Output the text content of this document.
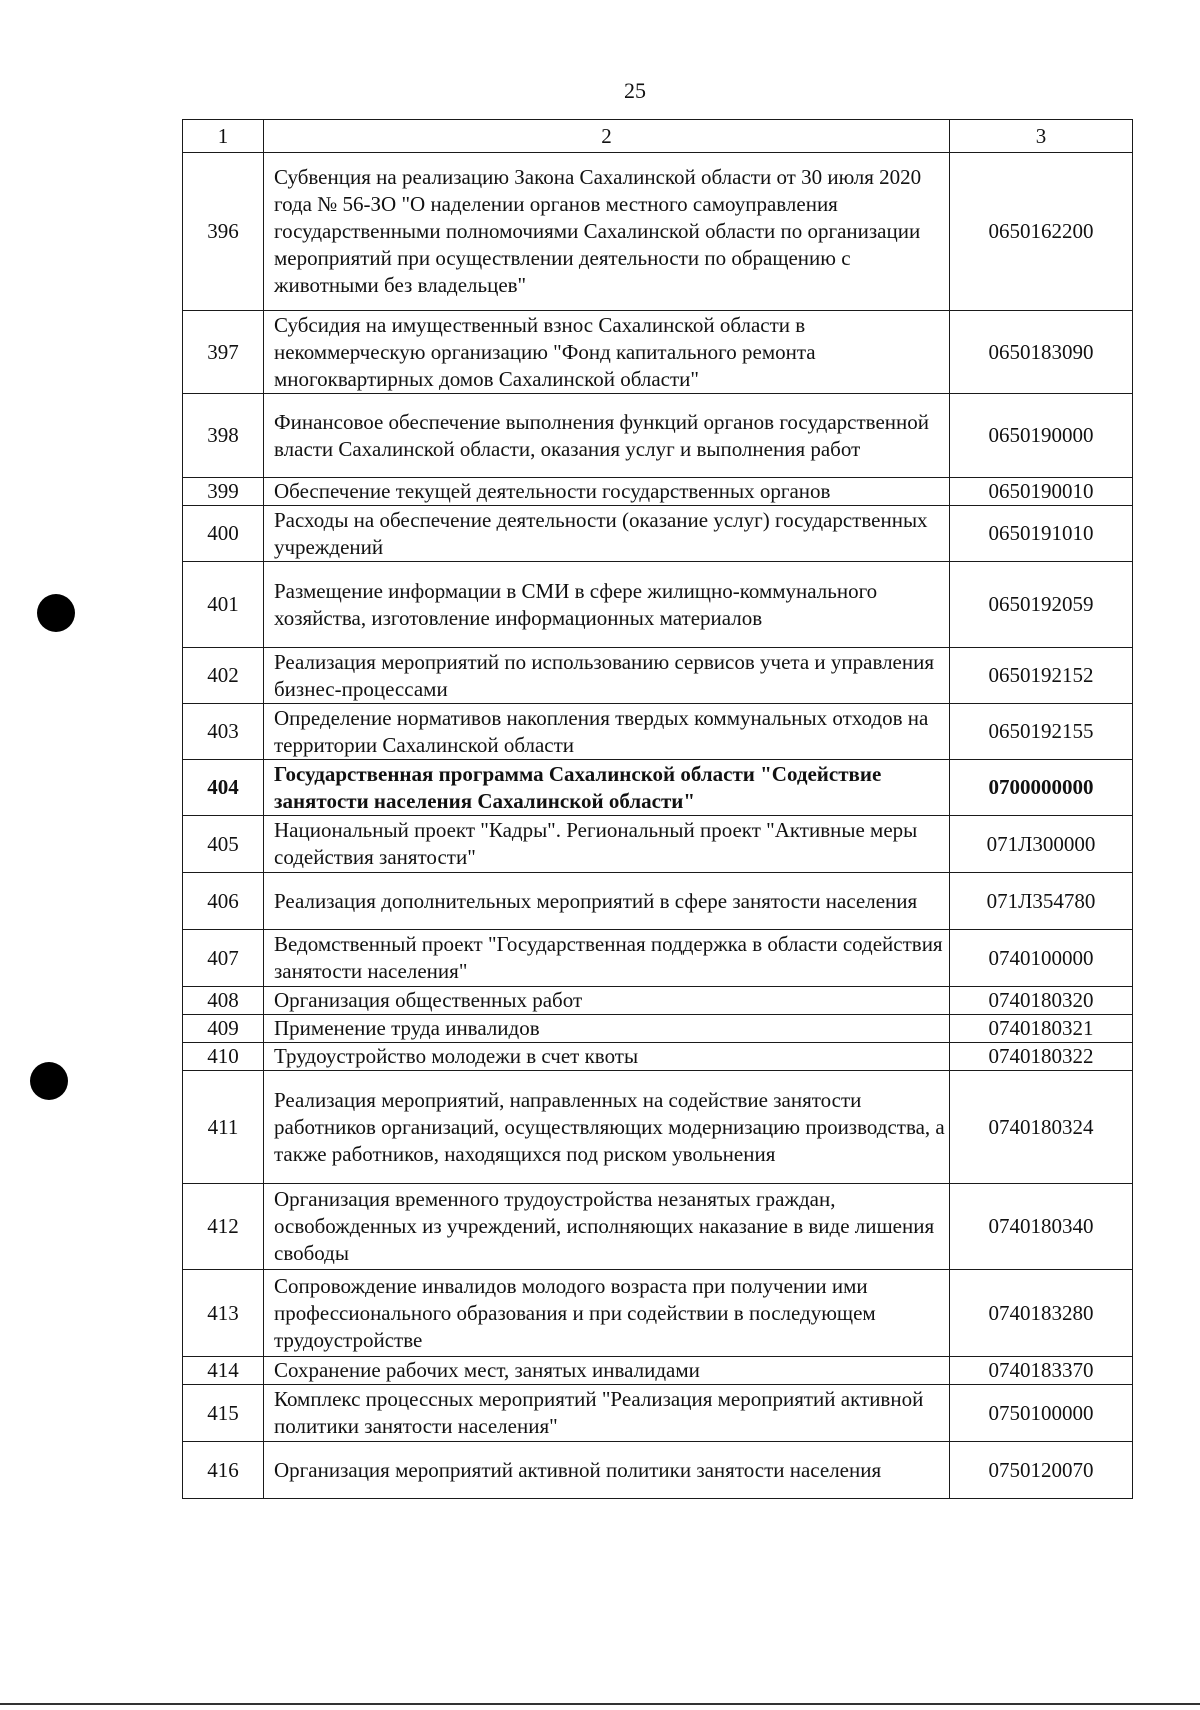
25
1	2	3
396	Субвенция на реализацию Закона Сахалинской области от 30 июля 2020 года № 56-ЗО "О наделении органов местного самоуправления государственными полномочиями Сахалинской области по организации мероприятий при осуществлении деятельности по обращению с животными без владельцев"	0650162200
397	Субсидия на имущественный взнос Сахалинской области в некоммерческую организацию "Фонд капитального ремонта многоквартирных домов Сахалинской области"	0650183090
398	Финансовое обеспечение выполнения функций органов государственной власти Сахалинской области, оказания услуг и выполнения работ	0650190000
399	Обеспечение текущей деятельности государственных органов	0650190010
400	Расходы на обеспечение деятельности (оказание услуг) государственных учреждений	0650191010
401	Размещение информации в СМИ в сфере жилищно-коммунального хозяйства, изготовление информационных материалов	0650192059
402	Реализация мероприятий по использованию сервисов учета и управления бизнес-процессами	0650192152
403	Определение нормативов накопления твердых коммунальных отходов на территории Сахалинской области	0650192155
404	Государственная программа Сахалинской области "Содействие занятости населения Сахалинской области"	0700000000
405	Национальный проект "Кадры". Региональный проект "Активные меры содействия занятости"	071Л300000
406	Реализация дополнительных мероприятий в сфере занятости населения	071Л354780
407	Ведомственный проект "Государственная поддержка в области содействия занятости населения"	0740100000
408	Организация общественных работ	0740180320
409	Применение труда инвалидов	0740180321
410	Трудоустройство молодежи в счет квоты	0740180322
411	Реализация мероприятий, направленных на содействие занятости работников организаций, осуществляющих модернизацию производства, а также работников, находящихся под риском увольнения	0740180324
412	Организация временного трудоустройства незанятых граждан, освобожденных из учреждений, исполняющих наказание в виде лишения свободы	0740180340
413	Сопровождение инвалидов молодого возраста при получении ими профессионального образования и при содействии в последующем трудоустройстве	0740183280
414	Сохранение рабочих мест, занятых инвалидами	0740183370
415	Комплекс процессных мероприятий "Реализация мероприятий активной политики занятости населения"	0750100000
416	Организация мероприятий активной политики занятости населения	0750120070
